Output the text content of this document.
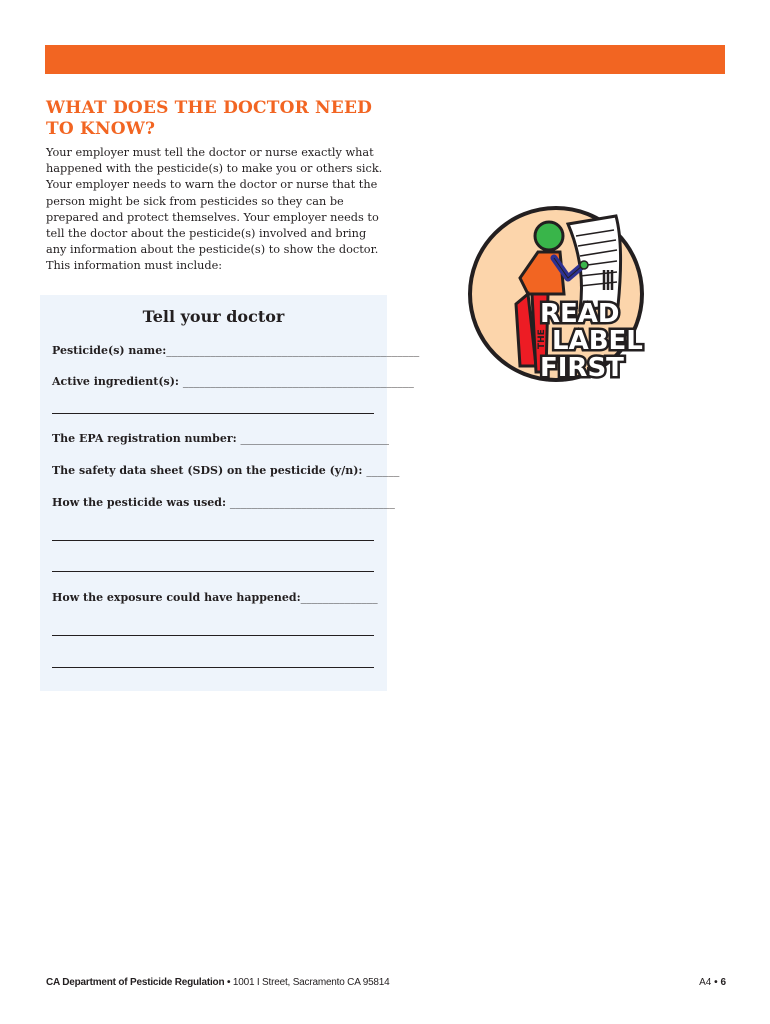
WHAT DOES THE DOCTOR NEED TO KNOW?
Your employer must tell the doctor or nurse exactly what happened with the pesticide(s) to make you or others sick. Your employer needs to warn the doctor or nurse that the person might be sick from pesticides so they can be prepared and protect themselves. Your employer needs to tell the doctor about the pesticide(s) involved and bring any information about the pesticide(s) to show the doctor. This information must include:
Tell your doctor
Pesticide(s) name:______________________________________________
Active ingredient(s): __________________________________________
The EPA registration number: ___________________________
The safety data sheet (SDS) on the pesticide (y/n): ______
How the pesticide was used: ______________________________
How the exposure could have happened:______________
READ
THE LABEL
FIRST
CA Department of Pesticide Regulation • 1001 I Street, Sacramento CA 95814	A4 • 6
